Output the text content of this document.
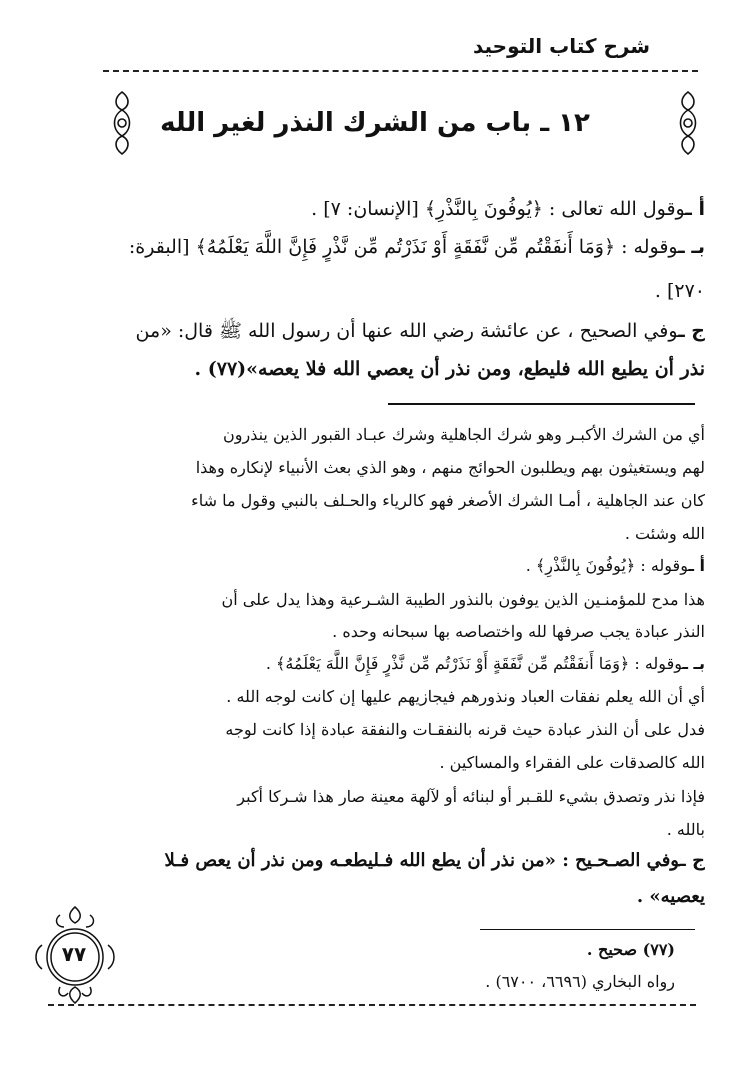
شرح كتاب التوحيد
١٢ ـ باب من الشرك النذر لغير الله
أ ـوقول الله تعالى : ﴿يُوفُونَ بِالنَّذْرِ﴾ [الإنسان: ٧] .
بـ ـوقوله : ﴿وَمَا أَنفَقْتُم مِّن نَّفَقَةٍ أَوْ نَذَرْتُم مِّن نَّذْرٍ فَإِنَّ اللَّهَ يَعْلَمُهُ﴾ [البقرة:
٢٧٠] .
ج ـوفي الصحيح ، عن عائشة رضي الله عنها أن رسول الله ﷺ قال: «من
نذر أن يطيع الله فليطع، ومن نذر أن يعصي الله فلا يعصه»(٧٧) .
أي من الشرك الأكبـر وهو شرك الجاهلية وشرك عبـاد القبور الذين ينذرون
لهم ويستغيثون بهم ويطلبون الحوائج منهم ، وهو الذي بعث الأنبياء لإنكاره وهذا
كان عند الجاهلية ، أمـا الشرك الأصغر فهو كالرياء والحـلف بالنبي وقول ما شاء
الله وشئت .
أ ـوقوله : ﴿يُوفُونَ بِالنَّذْرِ﴾ .
هذا مدح للمؤمنـين الذين يوفون بالنذور الطيبة الشـرعية وهذا يدل على أن
النذر عبادة يجب صرفها لله واختصاصه بها سبحانه وحده .
بـ ـوقوله : ﴿وَمَا أَنفَقْتُم مِّن نَّفَقَةٍ أَوْ نَذَرْتُم مِّن نَّذْرٍ فَإِنَّ اللَّهَ يَعْلَمُهُ﴾ .
أي أن الله يعلم نفقات العباد ونذورهم فيجازيهم عليها إن كانت لوجه الله .
فدل على أن النذر عبادة حيث قرنه بالنفقـات والنفقة عبادة إذا كانت لوجه
الله كالصدقات على الفقراء والمساكين .
فإذا نذر وتصدق بشيء للقـبر أو لبنائه أو لآلهة معينة صار هذا شـركا أكبر
بالله .
ج ـوفي الصـحـيح : «من نذر أن يطع الله فـليطعـه ومن نذر أن يعص فـلا
يعصيه» .
(٧٧) صحيح .
رواه البخاري (٦٦٩٦، ٦٧٠٠) .
٧٧
